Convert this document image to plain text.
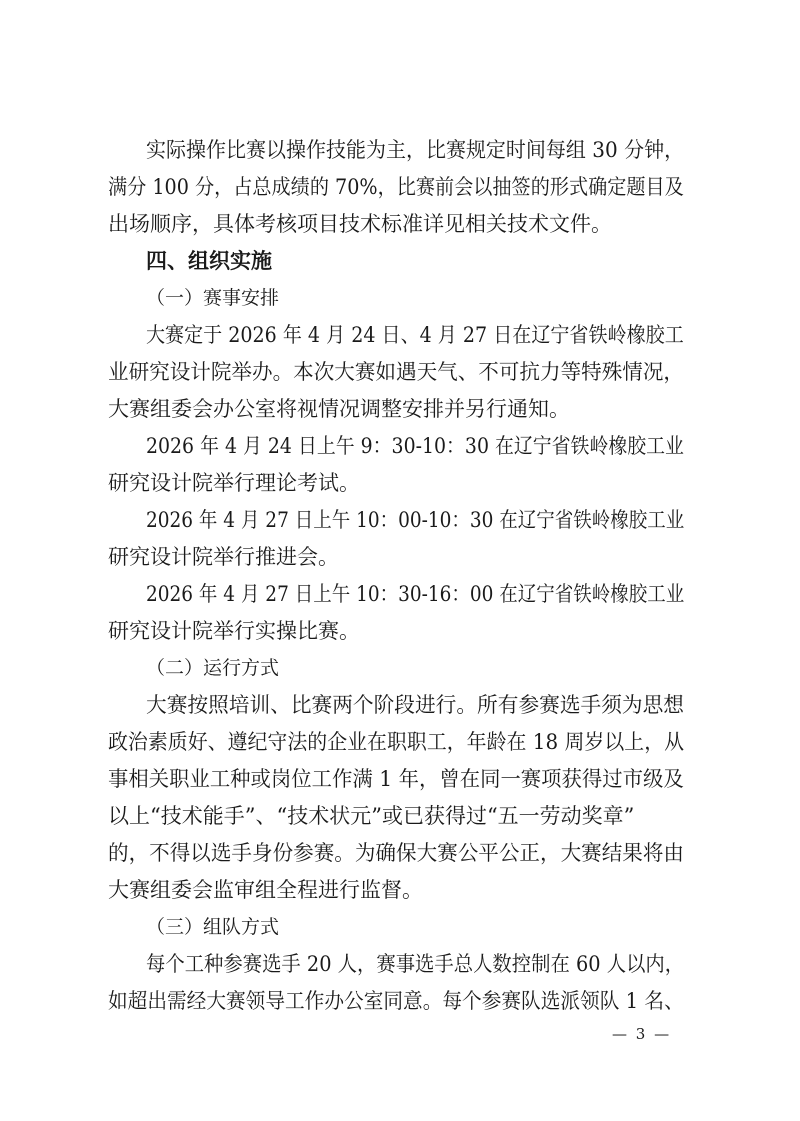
实际操作比赛以操作技能为主，比赛规定时间每组 30 分钟，

满分 100 分，占总成绩的 70%，比赛前会以抽签的形式确定题目及

出场顺序，具体考核项目技术标准详见相关技术文件。

四、组织实施

（一）赛事安排

大赛定于 2026 年 4 月 24 日、4 月 27 日在辽宁省铁岭橡胶工

业研究设计院举办。本次大赛如遇天气、不可抗力等特殊情况，

大赛组委会办公室将视情况调整安排并另行通知。

2026 年 4 月 24 日上午 9：30-10：30 在辽宁省铁岭橡胶工业

研究设计院举行理论考试。

2026 年 4 月 27 日上午 10：00-10：30 在辽宁省铁岭橡胶工业

研究设计院举行推进会。

2026 年 4 月 27 日上午 10：30-16：00 在辽宁省铁岭橡胶工业

研究设计院举行实操比赛。

（二）运行方式

大赛按照培训、比赛两个阶段进行。所有参赛选手须为思想

政治素质好、遵纪守法的企业在职职工，年龄在 18 周岁以上，从

事相关职业工种或岗位工作满 1 年，曾在同一赛项获得过市级及

以上“技术能手”、“技术状元”或已获得过“五一劳动奖章”

的，不得以选手身份参赛。为确保大赛公平公正，大赛结果将由

大赛组委会监审组全程进行监督。

（三）组队方式

每个工种参赛选手 20 人，赛事选手总人数控制在 60 人以内，

如超出需经大赛领导工作办公室同意。每个参赛队选派领队 1 名、

— 3 —
